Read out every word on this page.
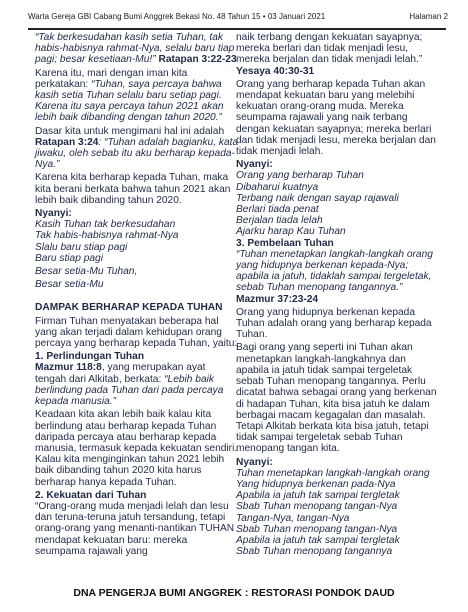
Warta Gereja GBI Cabang Bumi Anggrek Bekasi No. 48 Tahun 15 • 03 Januari 2021	Halaman 2

“Tak berkesudahan kasih setia Tuhan, tak habis-habisnya rahmat-Nya, selalu baru tiap pagi; besar kesetiaan-Mu!” Ratapan 3:22-23

Karena itu, mari dengan iman kita perkatakan: “Tuhan, saya percaya bahwa kasih setia Tuhan selalu baru setiap pagi. Karena itu saya percaya tahun 2021 akan lebih baik dibanding dengan tahun 2020.”

Dasar kita untuk mengimani hal ini adalah Ratapan 3:24: “Tuhan adalah bagianku, kata jiwaku, oleh sebab itu aku berharap kepada-Nya.”

Karena kita berharap kepada Tuhan, maka kita berani berkata bahwa tahun 2021 akan lebih baik dibanding tahun 2020.

Nyanyi:

Kasih Tuhan tak berkesudahan
Tak habis-habisnya rahmat-Nya
Slalu baru stiap pagi
Baru stiap pagi
Besar setia-Mu Tuhan,
Besar setia-Mu

DAMPAK BERHARAP KEPADA TUHAN

Firman Tuhan menyatakan beberapa hal yang akan terjadi dalam kehidupan orang percaya yang berharap kepada Tuhan, yaitu:

1. Perlindungan Tuhan

Mazmur 118:8, yang merupakan ayat tengah dari Alkitab, berkata: “Lebih baik berlindung pada Tuhan dari pada percaya kepada manusia.”

Keadaan kita akan lebih baik kalau kita berlindung atau berharap kepada Tuhan daripada percaya atau berharap kepada manusia, termasuk kepada kekuatan sendiri. Kalau kita menginginkan tahun 2021 lebih baik dibanding tahun 2020 kita harus berharap hanya kepada Tuhan.

2. Kekuatan dari Tuhan

“Orang-orang muda menjadi lelah dan lesu dan teruna-teruna jatuh tersandung, tetapi orang-orang yang menanti-nantikan TUHAN mendapat kekuatan baru: mereka seumpama rajawali yang

naik terbang dengan kekuatan sayapnya; mereka berlari dan tidak menjadi lesu, mereka berjalan dan tidak menjadi lelah.”
Yesaya 40:30-31

Orang yang berharap kepada Tuhan akan mendapat kekuatan baru yang melebihi kekuatan orang-orang muda. Mereka seumpama rajawali yang naik terbang dengan kekuatan sayapnya; mereka berlari dan tidak menjadi lesu, mereka berjalan dan tidak menjadi lelah.

Nyanyi:

Orang yang berharap Tuhan
Dibaharui kuatnya
Terbang naik dengan sayap rajawali
Berlari tiada penat
Berjalan tiada lelah
Ajarku harap Kau Tuhan

3. Pembelaan Tuhan

“Tuhan menetapkan langkah-langkah orang yang hidupnya berkenan kepada-Nya; apabila ia jatuh, tidaklah sampai tergeletak, sebab Tuhan menopang tangannya.” Mazmur 37:23-24

Orang yang hidupnya berkenan kepada Tuhan adalah orang yang berharap kepada Tuhan.

Bagi orang yang seperti ini Tuhan akan menetapkan langkah-langkahnya dan apabila ia jatuh tidak sampai tergeletak sebab Tuhan menopang tangannya. Perlu dicatat bahwa sebagai orang yang berkenan di hadapan Tuhan, kita bisa jatuh ke dalam berbagai macam kegagalan dan masalah. Tetapi Alkitab berkata kita bisa jatuh, tetapi tidak sampai tergeletak sebab Tuhan menopang tangan kita.

Nyanyi:

Tuhan menetapkan langkah-langkah orang
Yang hidupnya berkenan pada-Nya
Apabila ia jatuh tak sampai tergletak
Sbab Tuhan menopang tangan-Nya
Tangan-Nya, tangan-Nya
Sbab Tuhan menopang tangan-Nya
Apabila ia jatuh tak sampai tergletak
Sbab Tuhan menopang tangannya
DNA PENGERJA BUMI ANGGREK : RESTORASI PONDOK DAUD
